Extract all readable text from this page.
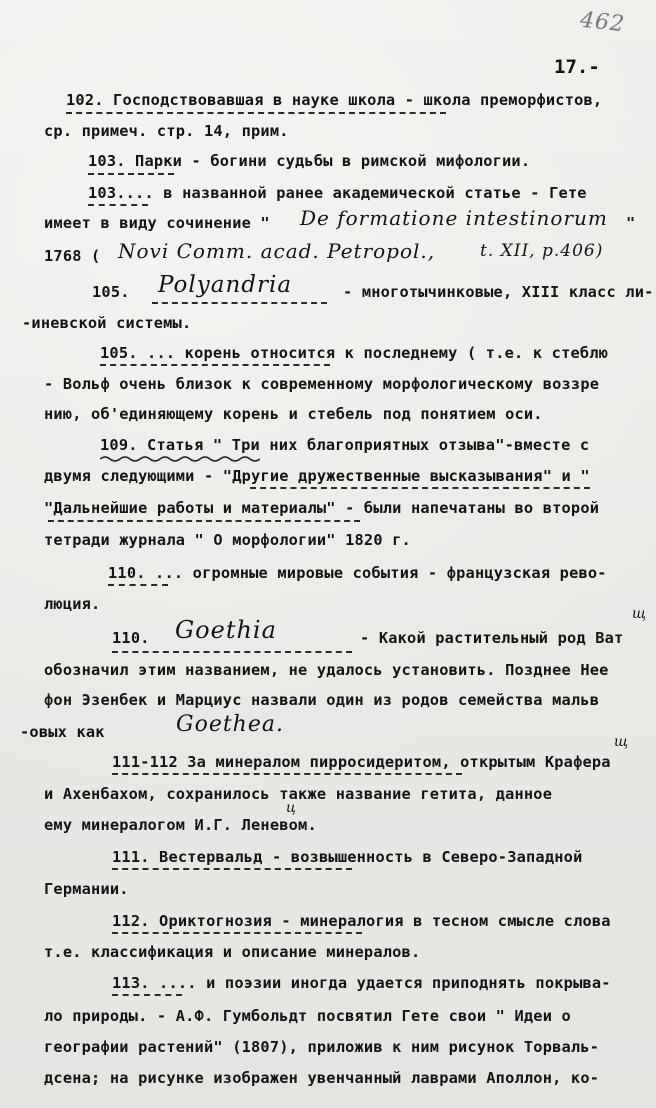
462
17.-
102. Господствовавшая в науке школа - школа преморфистов,
ср. примеч. стр. 14, прим.
103. Парки - богини судьбы в римской мифологии.
103.... в названной ранее академической статье - Гете
имеет в виду сочинение " De formatione intestinorum "
1768 ( Novi Comm. acad. Petropol.,	t. XII, p.406)
105. Polyandria	- многотычинковые, XIII класс ли-
-иневской системы.
105. ... корень относится к последнему ( т.е. к стеблю
- Вольф очень близок к современному морфологическому воззре
нию, об'единяющему корень и стебель под понятием оси.
109. Статья " Три них благоприятных отзыва"-вместе с
двумя следующими - "Другие дружественные высказывания" и "
"Дальнейшие работы и материалы" - были напечатаны во второй
тетради журнала " О морфологии" 1820 г.
110. ... огромные мировые события - французская рево-
люция.
110. Goethia	- Какой растительный род Ват
обозначил этим названием, не удалось установить. Позднее Нее
фон Эзенбек и Марциус назвали один из родов семейства мальв
-овых как	Goethea.
111-112 За минералом пирросидеритом, открытым Крафера
и Ахенбахом, сохранилось также название гетита, данное
ему минералогом И.Г. Леневом.
111. Вестервальд - возвышенность в Северо-Западной
Германии.
112. Ориктогнозия - минералогия в тесном смысле слова
т.е. классификация и описание минералов.
113. .... и поэзии иногда удается приподнять покрыва-
ло природы. - А.Ф. Гумбольдт посвятил Гете свои " Идеи о
географии растений" (1807), приложив к ним рисунок Торваль-
дсена; на рисунке изображен увенчанный лаврами Аполлон, ко-
щ
щ
ц
